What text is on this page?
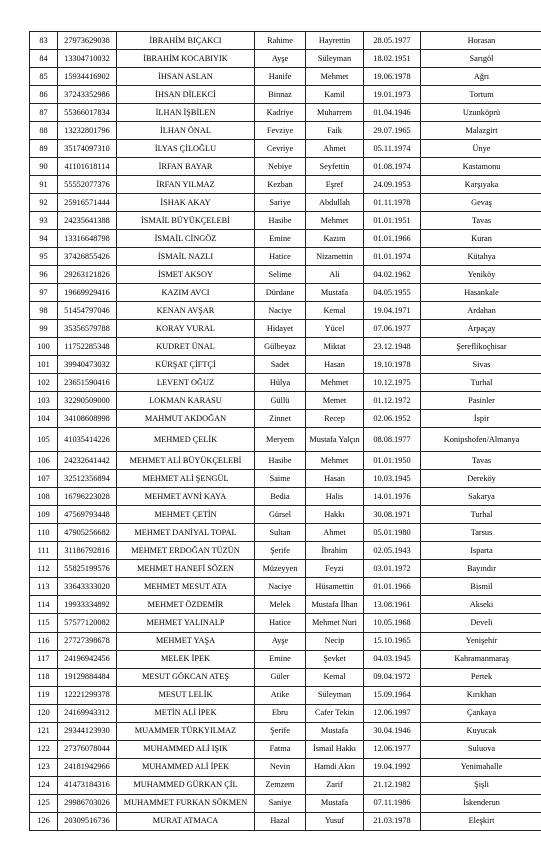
83	27973629038	İBRAHİM BIÇAKCI	Rahime	Hayrettin	28.05.1977	Horasan
84	13304710032	İBRAHİM KOCABIYIK	Ayşe	Süleyman	18.02.1951	Sarıgöl
85	15934416902	İHSAN ASLAN	Hanife	Mehmet	19.06.1978	Ağrı
86	37243352986	İHSAN DİLEKCİ	Binnaz	Kamil	19.01.1973	Tortum
87	55366017834	İLHAN İŞBİLEN	Kadriye	Muharrem	01.04.1946	Uzunköprü
88	13232801796	İLHAN ÖNAL	Fevziye	Faik	29.07.1965	Malazgirt
89	35174097310	İLYAS ÇİLOĞLU	Cevriye	Ahmet	05.11.1974	Ünye
90	41101618114	İRFAN BAYAR	Nebiye	Seyfettin	01.08.1974	Kastamonu
91	55552077376	İRFAN YILMAZ	Kezban	Eşref	24.09.1953	Karşıyaka
92	25916571444	İSHAK AKAY	Sariye	Abdullah	01.11.1978	Gevaş
93	24235641388	İSMAİL BÜYÜKÇELEBİ	Hasibe	Mehmet	01.01.1951	Tavas
94	13316648798	İSMAİL CİNGÖZ	Emine	Kazım	01.01.1966	Kuran
95	37426855426	İSMAİL NAZLI	Hatice	Nizamettin	01.01.1974	Kütahya
96	29263121826	İSMET AKSOY	Selime	Ali	04.02.1962	Yeniköy
97	19669929416	KAZIM AVCI	Dürdane	Mustafa	04.05.1955	Hasankale
98	51454797046	KENAN AVŞAR	Naciye	Kemal	19.04.1971	Ardahan
99	35356579788	KORAY VURAL	Hidayet	Yücel	07.06.1977	Arpaçay
100	11752285348	KUDRET ÜNAL	Gülbeyaz	Miktat	23.12.1948	Şereflikoçhisar
101	39940473032	KÜRŞAT ÇİFTÇİ	Sadet	Hasan	19.10.1978	Sivas
102	23651590416	LEVENT OĞUZ	Hülya	Mehmet	10.12.1975	Turhal
103	32290509000	LOKMAN KARASU	Güllü	Memet	01.12.1972	Pasinler
104	34108608998	MAHMUT AKDOĞAN	Zinnet	Recep	02.06.1952	İspir
105	41035414226	MEHMED ÇELİK	Meryem	Mustafa Yalçın	08.08.1977	Konipshofen/Almanya
106	24232641442	MEHMET ALİ BÜYÜKÇELEBİ	Hasibe	Mehmet	01.01.1950	Tavas
107	32512356894	MEHMET ALİ ŞENGÜL	Saime	Hasan	10.03.1945	Dereköy
108	16796223028	MEHMET AVNİ KAYA	Bedia	Halis	14.01.1976	Sakarya
109	47569793448	MEHMET ÇETİN	Gürsel	Hakkı	30.08.1971	Turhal
110	47905256682	MEHMET DANİYAL TOPAL	Sultan	Ahmet	05.01.1980	Tarsus
111	31186792816	MEHMET ERDOĞAN TÜZÜN	Şerife	İbrahim	02.05.1943	Isparta
112	55825199576	MEHMET HANEFİ SÖZEN	Müzeyyen	Feyzi	03.01.1972	Bayındır
113	33643333020	MEHMET MESUT ATA	Naciye	Hüsamettin	01.01.1966	Bismil
114	19933334892	MEHMET ÖZDEMİR	Melek	Mustafa İlhan	13.08.1961	Akseki
115	57577120082	MEHMET YALINALP	Hatice	Mehmet Nuri	10.05.1968	Develi
116	27727398678	MEHMET YAŞA	Ayşe	Necip	15.10.1965	Yenişehir
117	24196942456	MELEK İPEK	Emine	Şevket	04.03.1945	Kahramanmaraş
118	19129884484	MESUT GÖKCAN ATEŞ	Güler	Kemal	09.04.1972	Pertek
119	12221299378	MESUT LELİK	Atike	Süleyman	15.09.1964	Kırıkhan
120	24169943312	METİN ALİ İPEK	Ebru	Cafer Tekin	12.06.1997	Çankaya
121	29344123930	MUAMMER TÜRKYILMAZ	Şerife	Mustafa	30.04.1946	Kuyucak
122	27376078044	MUHAMMED ALİ IŞIK	Fatma	İsmail Hakkı	12.06.1977	Suluova
123	24181942966	MUHAMMED ALİ İPEK	Nevin	Hamdi Akın	19.04.1992	Yenimahalle
124	41473184316	MUHAMMED GÜRKAN ÇİL	Zemzem	Zarif	21.12.1982	Şişli
125	29986703026	MUHAMMET FURKAN SÖKMEN	Saniye	Mustafa	07.11.1986	İskenderun
126	20309516736	MURAT ATMACA	Hazal	Yusuf	21.03.1978	Eleşkirt
